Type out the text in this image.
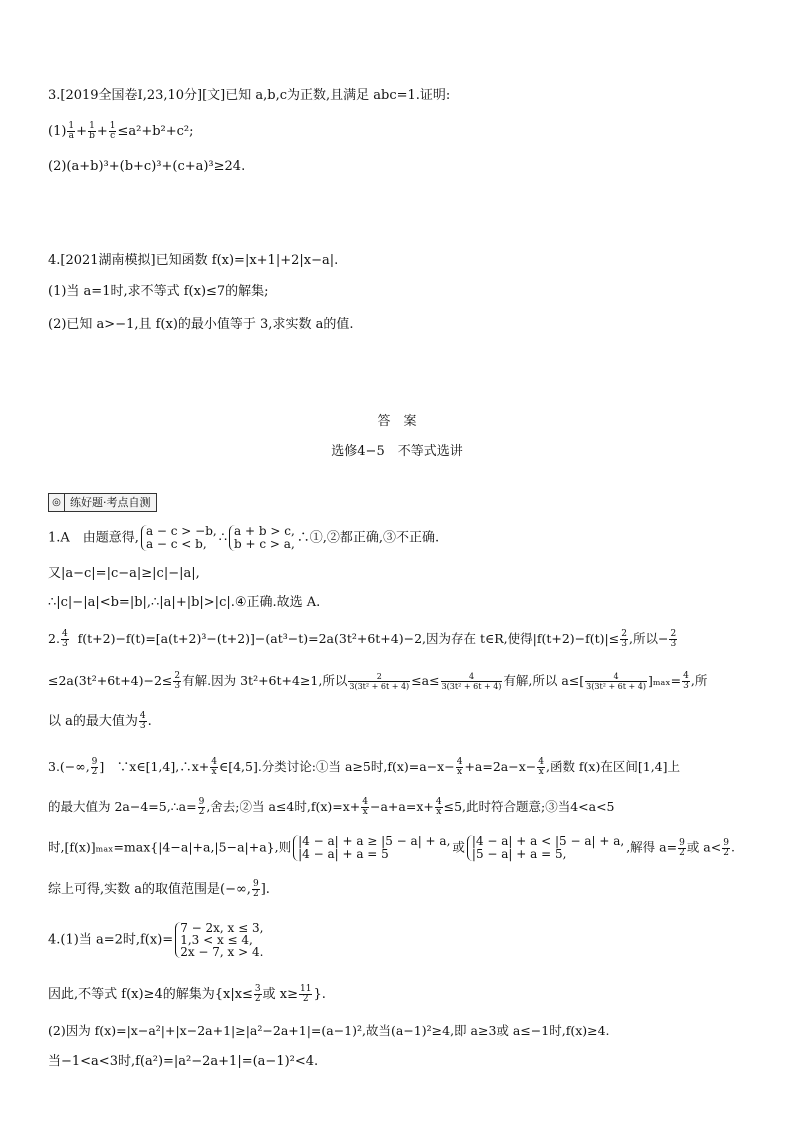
3.[2019全国卷Ⅰ,23,10分][文]已知 a,b,c为正数,且满足 abc=1.证明:
$(1) \frac{1}{a} + \frac{1}{b} + \frac{1}{c} \le a^2+b^2+c^2$;
(2)(a+b)³+(b+c)³+(c+a)³≥24.
4.[2021湖南模拟]已知函数 f(x)=|x+1|+2|x−a|.
(1)当 a=1时,求不等式 f(x)≤7的解集;
(2)已知 a>−1,且 f(x)的最小值等于 3,求实数 a的值.
答　案
选修4−5　不等式选讲
◎ 练好题·考点自测
1.A　由题意得, a − c > −b,
a − c < b, ∴ a + b > c,
b + c > a, ∴①,②都正确,③不正确.
又|a−c|=|c−a|≥|c|−|a|,
∴|c|−|a|<b=|b|,∴|a|+|b|>|c|.④正确.故选 A.
2. $\frac{4}{3} f(t+2)-f(t)=[a(t+2)^3-(t+2)]-(at^3-t)=2a(3t^2+6t+4)-2$,因为存在 t∈R,使得$|f(t+2)-f(t)|\le \frac{2}{3}$ ,所以− $\frac{2}{3}$
$\le 2a(3t^2+6t+4)-2\le \frac{2}{3}$ 有解.因为 3t²+6t+4≥1,所以 $\frac{2}{\text{3(3t² + 6t + 4)}} \le a\le \frac{4}{\text{3(3t² + 6t + 4)}}$ 有解,所以 $a\le[ \frac{4}{\text{3(3t² + 6t + 4)}} ]_{max}= \frac{4}{3}$ ,所
以 a的最大值为 $\frac{4}{3}$ .
3.(−∞, $\frac{9}{2}$ ]　∵x∈[1,4],∴x+ $\frac{4}{x}$ ∈[4,5].分类讨论:①当 a≥5时$,f(x)=a-x- \frac{4}{x} +a=2a-x- \frac{4}{x}$ ,函数 f(x)在区间[1,4]上
的最大值为 2a−4=5,∴a= $\frac{9}{2}$ ,舍去;②当 a≤4时$,f(x)=x+ \frac{4}{x} -a+a=x+ \frac{4}{x} \le 5$,此时符合题意;③当4<a<5
时,[f(x)]ₘₐₓ=max{|4−a|+a,|5−a|+a},则 |4 − a| + a ≥ |5 − a| + a,
|4 − a| + a = 5	或 |4 − a| + a < |5 − a| + a,
|5 − a| + a = 5,	,解得 $a= \frac{9}{2}$ 或 $a< \frac{9}{2}$ .
综上可得,实数 a的取值范围是(−∞, $\frac{9}{2}$ ].
4.(1)当 a=2时,f(x)=
7 − 2x, x ≤ 3,
1,3 < x ≤ 4,
2x − 7, x > 4.
因此,不等式 f(x)≥4的解集为{$x|x\le \frac{3}{2}$ 或 $x\ge \frac{11}{2}$ }.
(2)因为 f(x)=|x−a²|+|x−2a+1|≥|a²−2a+1|=(a−1)²,故当(a−1)²≥4,即 a≥3或 a≤−1时,f(x)≥4.
当−1<a<3时,f(a²)=|a²−2a+1|=(a−1)²<4.
